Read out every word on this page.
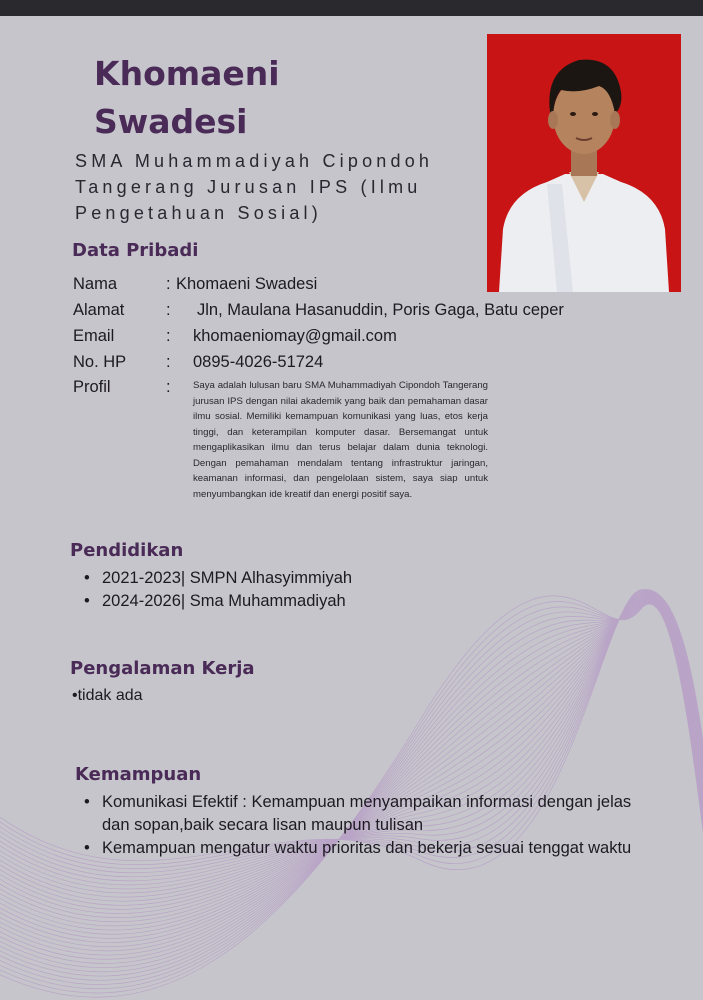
Khomaeni
Swadesi
SMA Muhammadiyah Cipondoh
Tangerang Jurusan IPS (Ilmu
Pengetahuan Sosial)
Data Pribadi
Nama	: Khomaeni Swadesi
Alamat	: Jln, Maulana Hasanuddin, Poris Gaga, Batu ceper
Email	: khomaeniomay@gmail.com
No. HP : 0895-4026-51724
Profil	: Saya adalah lulusan baru SMA Muhammadiyah Cipondoh Tangerang jurusan IPS dengan nilai akademik yang baik dan pemahaman dasar ilmu sosial. Memiliki kemampuan komunikasi yang luas, etos kerja tinggi, dan keterampilan komputer dasar. Bersemangat untuk mengaplikasikan ilmu dan terus belajar dalam dunia teknologi. Dengan pemahaman mendalam tentang infrastruktur jaringan, keamanan informasi, dan pengelolaan sistem, saya siap untuk menyumbangkan ide kreatif dan energi positif saya.
Pendidikan
• 2021-2023| SMPN Alhasyimmiyah
• 2024-2026| Sma Muhammadiyah
Pengalaman Kerja
•tidak ada
Kemampuan
• Komunikasi Efektif : Kemampuan menyampaikan informasi dengan jelas dan sopan,baik secara lisan maupun tulisan
• Kemampuan mengatur waktu prioritas dan bekerja sesuai tenggat waktu
